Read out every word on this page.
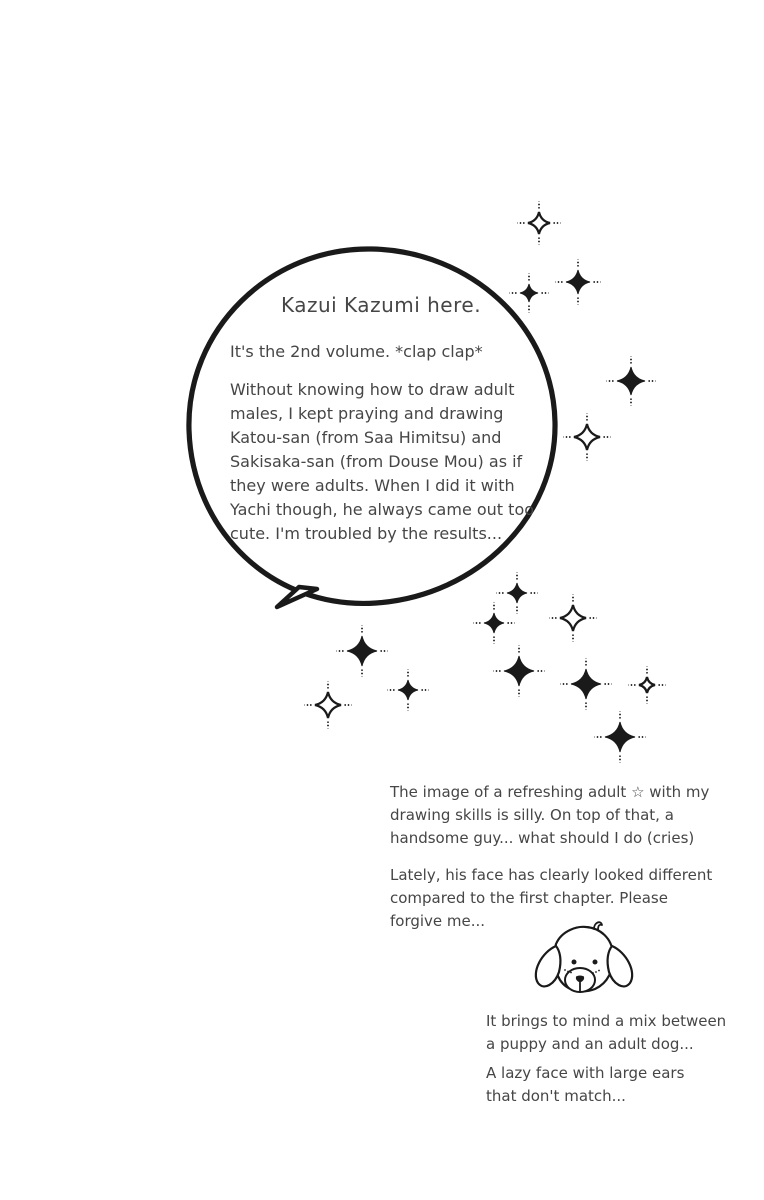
Kazui Kazumi here.
It's the 2nd volume. *clap clap*
Without knowing how to draw adult
males, I kept praying and drawing
Katou-san (from Saa Himitsu) and
Sakisaka-san (from Douse Mou) as if
they were adults. When I did it with
Yachi though, he always came out too
cute. I'm troubled by the results...
The image of a refreshing adult ☆ with my
drawing skills is silly. On top of that, a
handsome guy... what should I do (cries)
Lately, his face has clearly looked different
compared to the first chapter. Please
forgive me...
It brings to mind a mix between
a puppy and an adult dog...
A lazy face with large ears
that don't match...
